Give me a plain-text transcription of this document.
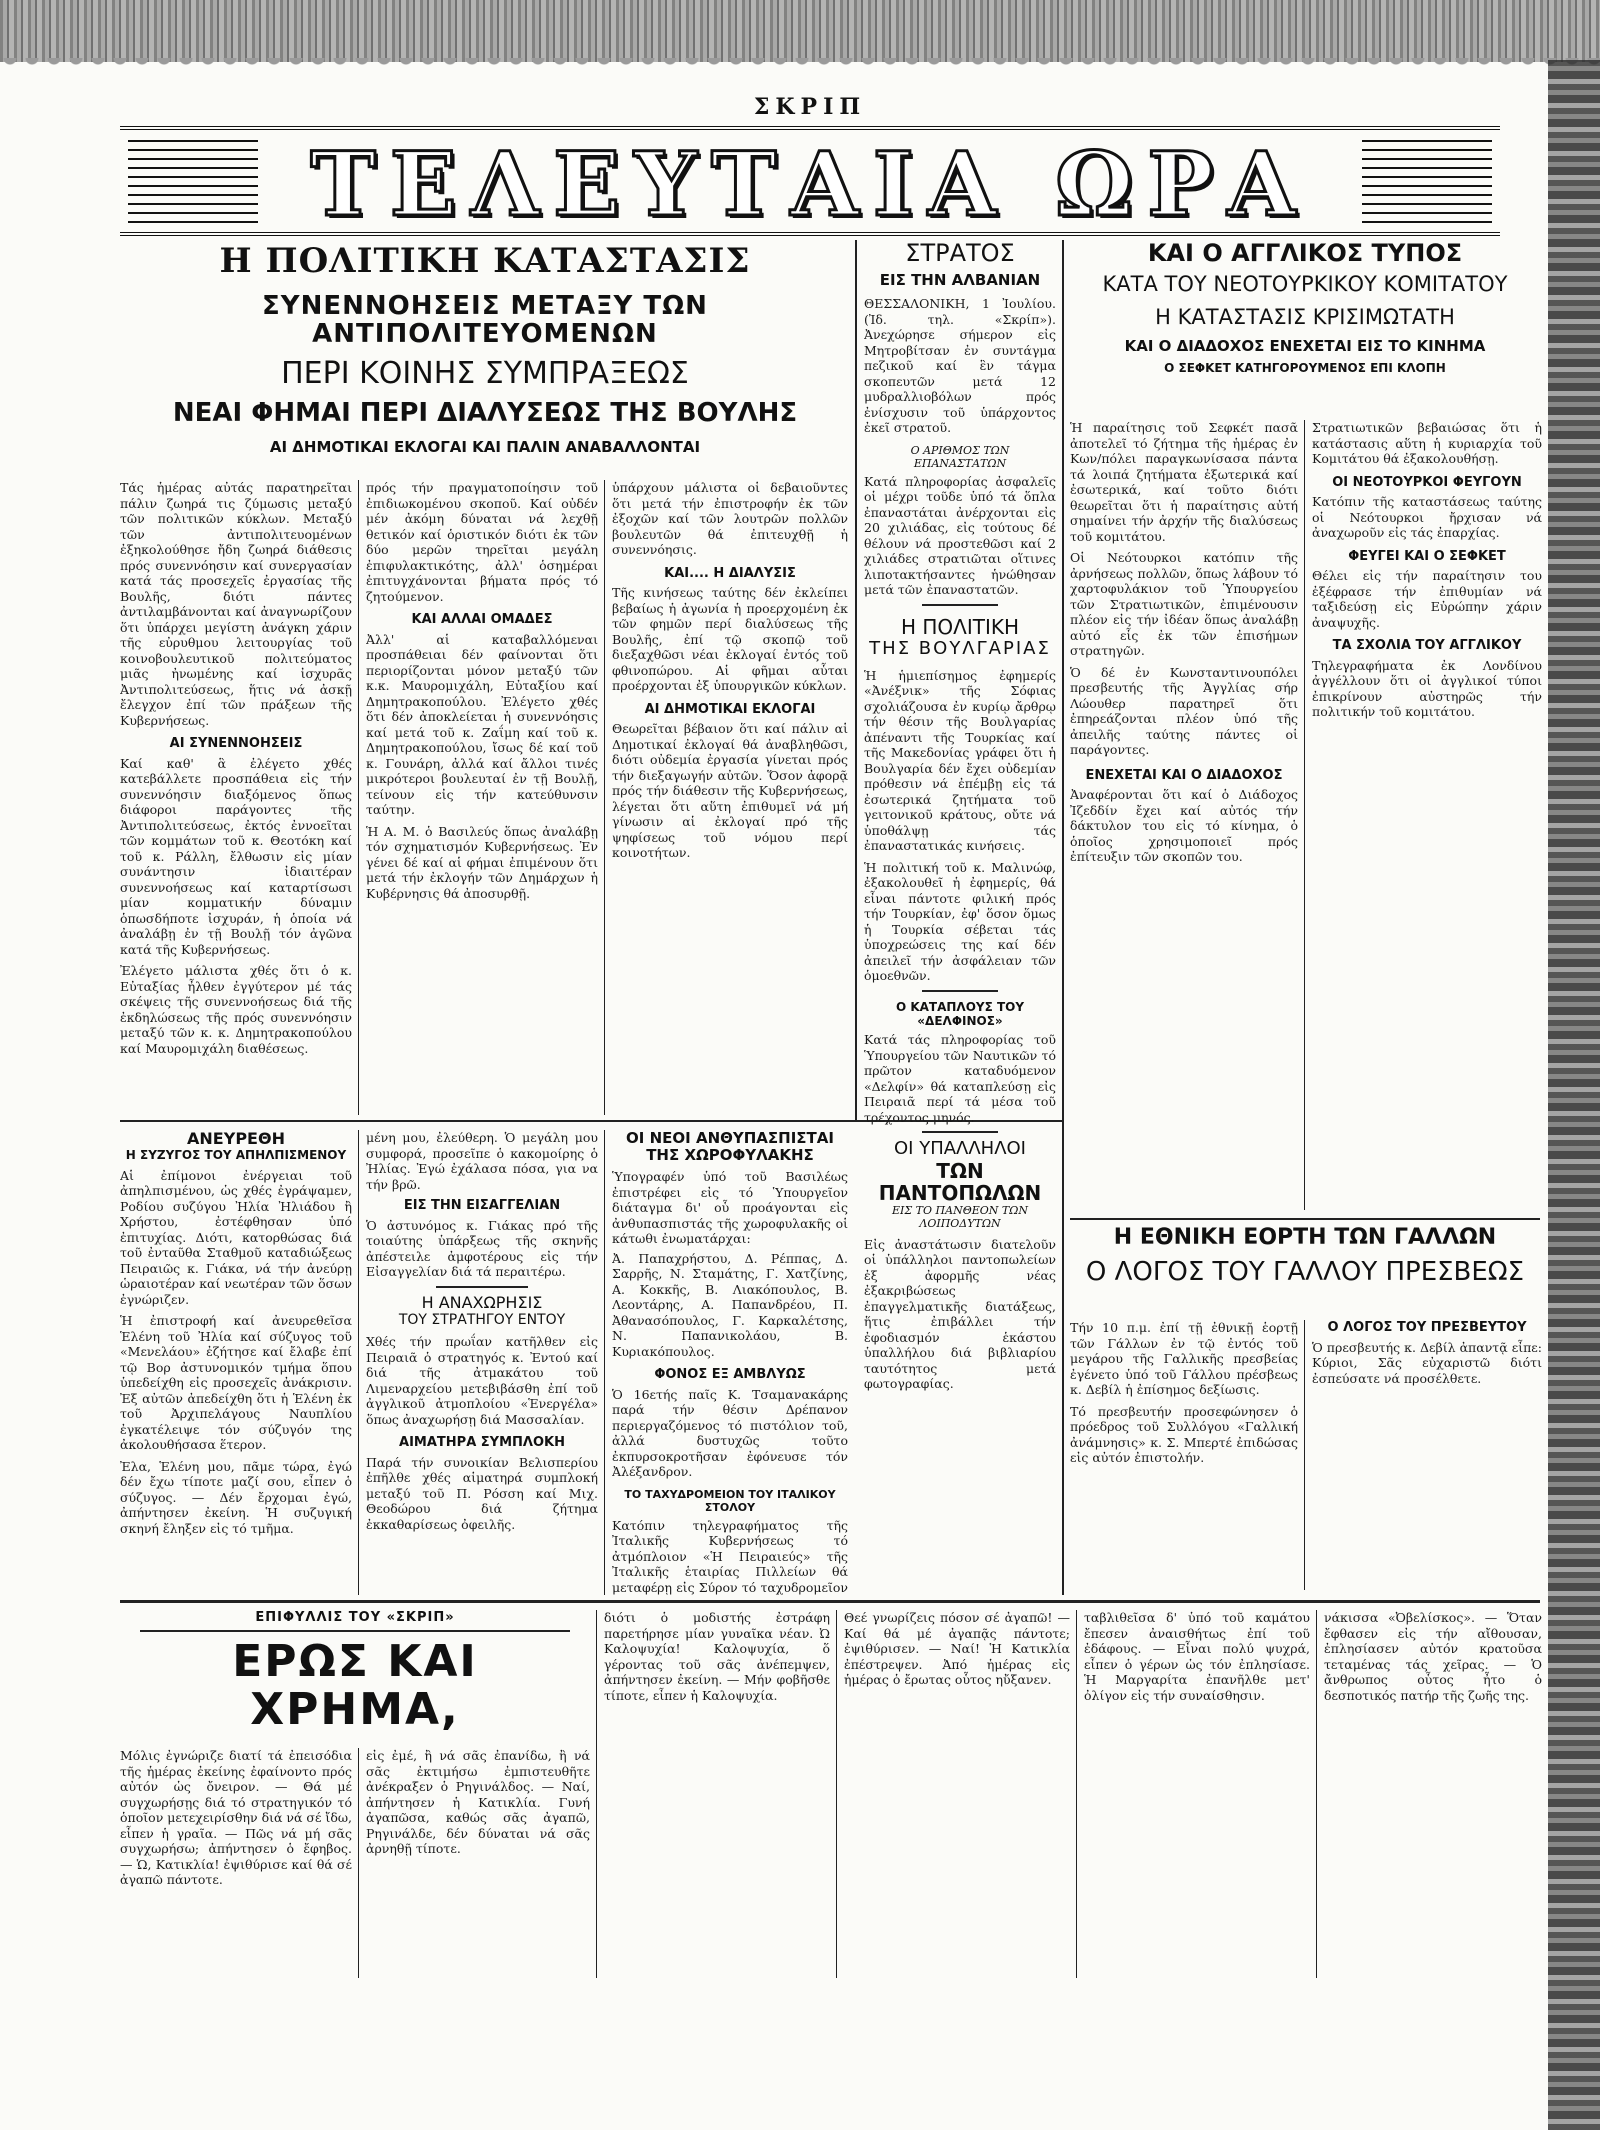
ΣΚΡΙΠ
ΤΕΛΕΥΤΑΙΑ ΩΡΑ
Η ΠΟΛΙΤΙΚΗ ΚΑΤΑΣΤΑΣΙΣ
ΣΥΝΕΝΝΟΗΣΕΙΣ ΜΕΤΑΞΥ ΤΩΝ ΑΝΤΙΠΟΛΙΤΕΥΟΜΕΝΩΝ
ΠΕΡΙ ΚΟΙΝΗΣ ΣΥΜΠΡΑΞΕΩΣ
ΝΕΑΙ ΦΗΜΑΙ ΠΕΡΙ ΔΙΑΛΥΣΕΩΣ ΤΗΣ ΒΟΥΛΗΣ
ΑΙ ΔΗΜΟΤΙΚΑΙ ΕΚΛΟΓΑΙ ΚΑΙ ΠΑΛΙΝ ΑΝΑΒΑΛΛΟΝΤΑΙ

Τάς ἡμέρας αὐτάς παρατηρεῖται πάλιν ζωηρά τις ζύμωσις μεταξύ τῶν πολιτικῶν κύκλων. Μεταξύ τῶν ἀντιπολιτευομένων ἐξηκολούθησε ἤδη ζωηρά διάθεσις πρός συνεννόησιν καί συνεργασίαν κατά τάς προσεχεῖς ἐργασίας τῆς Βουλῆς, διότι πάντες ἀντιλαμβάνονται καί ἀναγνωρίζουν ὅτι ὑπάρχει μεγίστη ἀνάγκη χάριν τῆς εὐρυθμου λειτουργίας τοῦ κοινοβουλευτικοῦ πολιτεύματος μιᾶς ἠνωμένης καί ἰσχυρᾶς Ἀντιπολιτεύσεως, ἥτις νά ἀσκῇ ἔλεγχον ἐπί τῶν πράξεων τῆς Κυβερνήσεως.

ΑΙ ΣΥΝΕΝΝΟΗΣΕΙΣ

Καί καθ' ἃ ἐλέγετο χθές κατεβάλλετε προσπάθεια εἰς τήν συνεννόησιν διαξόμενος ὅπως διάφοροι παράγοντες τῆς Ἀντιπολιτεύσεως, ἐκτός ἐννοεῖται τῶν κομμάτων τοῦ κ. Θεοτόκη καί τοῦ κ. Ράλλη, ἔλθωσιν εἰς μίαν συνάντησιν ἰδιαιτέραν συνεννοήσεως καί καταρτίσωσι μίαν κομματικήν δύναμιν ὁπωσδήποτε ἰσχυράν, ἡ ὁποία νά ἀναλάβῃ ἐν τῇ Βουλῇ τόν ἀγῶνα κατά τῆς Κυβερνήσεως.

Ἐλέγετο μάλιστα χθές ὅτι ὁ κ. Εὐταξίας ἦλθεν ἐγγύτερον μέ τάς σκέψεις τῆς συνεννοήσεως διά τῆς ἐκδηλώσεως τῆς πρός συνεννόησιν μεταξύ τῶν κ. κ. Δημητρακοπούλου καί Μαυρομιχάλη διαθέσεως.

πρός τήν πραγματοποίησιν τοῦ ἐπιδιωκομένου σκοποῦ. Καί οὐδέν μέν ἀκόμη δύναται νά λεχθῇ θετικόν καί ὁριστικόν διότι ἐκ τῶν δύο μερῶν τηρεῖται μεγάλη ἐπιφυλακτικότης, ἀλλ' ὁσημέραι ἐπιτυγχάνονται βήματα πρός τό ζητούμενον.

ΚΑΙ ΑΛΛΑΙ ΟΜΑΔΕΣ

Ἀλλ' αἱ καταβαλλόμεναι προσπάθειαι δέν φαίνονται ὅτι περιορίζονται μόνον μεταξύ τῶν κ.κ. Μαυρομιχάλη, Εὐταξίου καί Δημητρακοπούλου. Ἐλέγετο χθές ὅτι δέν ἀποκλείεται ἡ συνεννόησις καί μετά τοῦ κ. Ζαΐμη καί τοῦ κ. Δημητρακοπούλου, ἴσως δέ καί τοῦ κ. Γουνάρη, ἀλλά καί ἄλλοι τινές μικρότεροι βουλευταί ἐν τῇ Βουλῇ, τείνουν εἰς τήν κατεύθυνσιν ταύτην.

Ἡ Α. Μ. ὁ Βασιλεύς ὅπως ἀναλάβῃ τόν σχηματισμόν Κυβερνήσεως. Ἐν γένει δέ καί αἱ φήμαι ἐπιμένουν ὅτι μετά τήν ἐκλογήν τῶν Δημάρχων ἡ Κυβέρνησις θά ἀποσυρθῇ.

ὑπάρχουν μάλιστα οἱ δεβαιοῦντες ὅτι μετά τήν ἐπιστροφήν ἐκ τῶν ἐξοχῶν καί τῶν λουτρῶν πολλῶν βουλευτῶν θά ἐπιτευχθῇ ἡ συνεννόησις.

ΚΑΙ.... Η ΔΙΑΛΥΣΙΣ

Τῆς κινήσεως ταύτης δέν ἐκλείπει βεβαίως ἡ ἀγωνία ἡ προερχομένη ἐκ τῶν φημῶν περί διαλύσεως τῆς Βουλῆς, ἐπί τῷ σκοπῷ τοῦ διεξαχθῶσι νέαι ἐκλογαί ἐντός τοῦ φθινοπώρου. Αἱ φῆμαι αὗται προέρχονται ἐξ ὑπουργικῶν κύκλων.

ΑΙ ΔΗΜΟΤΙΚΑΙ ΕΚΛΟΓΑΙ

Θεωρεῖται βέβαιον ὅτι καί πάλιν αἱ Δημοτικαί ἐκλογαί θά ἀναβληθῶσι, διότι οὐδεμία ἐργασία γίνεται πρός τήν διεξαγωγήν αὐτῶν. Ὅσον ἀφορᾷ πρός τήν διάθεσιν τῆς Κυβερνήσεως, λέγεται ὅτι αὕτη ἐπιθυμεῖ νά μή γίνωσιν αἱ ἐκλογαί πρό τῆς ψηφίσεως τοῦ νόμου περί κοινοτήτων.

ΣΤΡΑΤΟΣ
ΕΙΣ ΤΗΝ ΑΛΒΑΝΙΑΝ

ΘΕΣΣΑΛΟΝΙΚΗ, 1 Ἰουλίου. (Ἰδ. τηλ. «Σκρίπ»). Ἀνεχώρησε σήμερον εἰς Μητροβίτσαν ἐν συντάγμα πεζικοῦ καί ἓν τάγμα σκοπευτῶν μετά 12 μυδραλλιοβόλων πρός ἐνίσχυσιν τοῦ ὑπάρχοντος ἐκεῖ στρατοῦ.

Ο ΑΡΙΘΜΟΣ ΤΩΝ ΕΠΑΝΑΣΤΑΤΩΝ

Κατά πληροφορίας ἀσφαλεῖς οἱ μέχρι τοῦδε ὑπό τά ὅπλα ἐπαναστάται ἀνέρχονται εἰς 20 χιλιάδας, εἰς τούτους δέ θέλουν νά προστεθῶσι καί 2 χιλιάδες στρατιῶται οἵτινες λιποτακτήσαντες ἡνώθησαν μετά τῶν ἐπαναστατῶν.

Η ΠΟΛΙΤΙΚΗ
ΤΗΣ ΒΟΥΛΓΑΡΙΑΣ

Ἡ ἡμιεπίσημος ἐφημερίς «Ἀνέξνικ» τῆς Σόφιας σχολιάζουσα ἐν κυρίῳ ἄρθρῳ τήν θέσιν τῆς Βουλγαρίας ἀπέναντι τῆς Τουρκίας καί τῆς Μακεδονίας γράφει ὅτι ἡ Βουλγαρία δέν ἔχει οὐδεμίαν πρόθεσιν νά ἐπέμβῃ εἰς τά ἐσωτερικά ζητήματα τοῦ γειτονικοῦ κράτους, οὔτε νά ὑποθάλψῃ τάς ἐπαναστατικάς κινήσεις.

Ἡ πολιτική τοῦ κ. Μαλινώφ, ἐξακολουθεῖ ἡ ἐφημερίς, θά εἶναι πάντοτε φιλική πρός τήν Τουρκίαν, ἐφ' ὅσον ὅμως ἡ Τουρκία σέβεται τάς ὑποχρεώσεις της καί δέν ἀπειλεῖ τήν ἀσφάλειαν τῶν ὁμοεθνῶν.

Ο ΚΑΤΑΠΛΟΥΣ ΤΟΥ «ΔΕΛΦΙΝΟΣ»

Κατά τάς πληροφορίας τοῦ Ὑπουργείου τῶν Ναυτικῶν τό πρῶτον καταδυόμενον «Δελφίν» θά καταπλεύσῃ εἰς Πειραιᾶ περί τά μέσα τοῦ τρέχοντος μηνός.

ΟΙ ΥΠΑΛΛΗΛΟΙ
ΤΩΝ ΠΑΝΤΟΠΩΛΩΝ
ΕΙΣ ΤΟ ΠΑΝΘΕΟΝ ΤΩΝ ΛΟΙΠΟΔΥΤΩΝ

Εἰς ἀναστάτωσιν διατελοῦν οἱ ὑπάλληλοι παντοπωλείων ἐξ ἀφορμῆς νέας ἐξακριβώσεως ἐπαγγελματικῆς διατάξεως, ἥτις ἐπιβάλλει τήν ἐφοδιασμόν ἑκάστου ὑπαλλήλου διά βιβλιαρίου ταυτότητος μετά φωτογραφίας.

ΚΑΙ Ο ΑΓΓΛΙΚΟΣ ΤΥΠΟΣ
ΚΑΤΑ ΤΟΥ ΝΕΟΤΟΥΡΚΙΚΟΥ ΚΟΜΙΤΑΤΟΥ
Η ΚΑΤΑΣΤΑΣΙΣ ΚΡΙΣΙΜΩΤΑΤΗ
ΚΑΙ Ο ΔΙΑΔΟΧΟΣ ΕΝΕΧΕΤΑΙ ΕΙΣ ΤΟ ΚΙΝΗΜΑ
Ο ΣΕΦΚΕΤ ΚΑΤΗΓΟΡΟΥΜΕΝΟΣ ΕΠΙ ΚΛΟΠΗ

Ἡ παραίτησις τοῦ Σεφκέτ πασᾶ ἀποτελεῖ τό ζήτημα τῆς ἡμέρας ἐν Κων/πόλει παραγκωνίσασα πάντα τά λοιπά ζητήματα ἐξωτερικά καί ἐσωτερικά, καί τοῦτο διότι θεωρεῖται ὅτι ἡ παραίτησις αὐτή σημαίνει τήν ἀρχήν τῆς διαλύσεως τοῦ κομιτάτου.

Οἱ Νεότουρκοι κατόπιν τῆς ἀρνήσεως πολλῶν, ὅπως λάβουν τό χαρτοφυλάκιον τοῦ Ὑπουργείου τῶν Στρατιωτικῶν, ἐπιμένουσιν πλέον εἰς τήν ἰδέαν ὅπως ἀναλάβῃ αὐτό εἷς ἐκ τῶν ἐπισήμων στρατηγῶν.

Ὁ δέ ἐν Κωνσταντινουπόλει πρεσβευτής τῆς Ἀγγλίας σήρ Λώουθερ παρατηρεῖ ὅτι ἐπηρεάζονται πλέον ὑπό τῆς ἀπειλῆς ταύτης πάντες οἱ παράγοντες.

ΕΝΕΧΕΤΑΙ ΚΑΙ Ο ΔΙΑΔΟΧΟΣ

Ἀναφέρονται ὅτι καί ὁ Διάδοχος Ἰζεδδίν ἔχει καί αὐτός τήν δάκτυλον του εἰς τό κίνημα, ὁ ὁποῖος χρησιμοποιεῖ πρός ἐπίτευξιν τῶν σκοπῶν του.

Στρατιωτικῶν βεβαιώσας ὅτι ἡ κατάστασις αὕτη ἡ κυριαρχία τοῦ Κομιτάτου θά ἐξακολουθήσῃ.

ΟΙ ΝΕΟΤΟΥΡΚΟΙ ΦΕΥΓΟΥΝ

Κατόπιν τῆς καταστάσεως ταύτης οἱ Νεότουρκοι ἤρχισαν νά ἀναχωροῦν εἰς τάς ἐπαρχίας.

ΦΕΥΓΕΙ ΚΑΙ Ο ΣΕΦΚΕΤ

Θέλει εἰς τήν παραίτησιν του ἐξέφρασε τήν ἐπιθυμίαν νά ταξιδεύσῃ εἰς Εὐρώπην χάριν ἀναψυχῆς.

ΤΑ ΣΧΟΛΙΑ ΤΟΥ ΑΓΓΛΙΚΟΥ

Τηλεγραφήματα ἐκ Λονδίνου ἀγγέλλουν ὅτι οἱ ἀγγλικοί τύποι ἐπικρίνουν αὐστηρῶς τήν πολιτικήν τοῦ κομιτάτου.

Η ΕΘΝΙΚΗ ΕΟΡΤΗ ΤΩΝ ΓΑΛΛΩΝ
Ο ΛΟΓΟΣ ΤΟΥ ΓΑΛΛΟΥ ΠΡΕΣΒΕΩΣ

Τήν 10 π.μ. ἐπί τῇ ἐθνικῇ ἑορτῇ τῶν Γάλλων ἐν τῷ ἐντός τοῦ μεγάρου τῆς Γαλλικῆς πρεσβείας ἐγένετο ὑπό τοῦ Γάλλου πρέσβεως κ. Δεβίλ ἡ ἐπίσημος δεξίωσις.

Τό πρεσβευτήν προσεφώνησεν ὁ πρόεδρος τοῦ Συλλόγου «Γαλλική ἀνάμνησις» κ. Σ. Μπερτέ ἐπιδώσας εἰς αὐτόν ἐπιστολήν.

Ο ΛΟΓΟΣ ΤΟΥ ΠΡΕΣΒΕΥΤΟΥ

Ὁ πρεσβευτής κ. Δεβίλ ἀπαντᾷ εἶπε: Κύριοι, Σᾶς εὐχαριστῶ διότι ἐσπεύσατε νά προσέλθετε.

ΑΝΕΥΡΕΘΗ
Η ΣΥΖΥΓΟΣ ΤΟΥ ΑΠΗΛΠΙΣΜΕΝΟΥ

Αἱ ἐπίμονοι ἐνέργειαι τοῦ ἀπηλπισμένου, ὡς χθές ἐγράψαμεν, Ροδίου συζύγου Ἠλία Ἠλιάδου ἢ Χρήστου, ἐστέφθησαν ὑπό ἐπιτυχίας. Διότι, κατορθώσας διά τοῦ ἐνταῦθα Σταθμοῦ καταδιώξεως Πειραιῶς κ. Γιάκα, νά τήν ἀνεύρῃ ὡραιοτέραν καί νεωτέραν τῶν ὅσων ἐγνώριζεν.

Ἡ ἐπιστροφή καί ἀνευρεθεῖσα Ἑλένη τοῦ Ἠλία καί σύζυγος τοῦ «Μενελάου» ἐζήτησε καί ἔλαβε ἐπί τῷ Βορ ἀστυνομικόν τμήμα ὅπου ὑπεδείχθη εἰς προσεχεῖς ἀνάκρισιν. Ἐξ αὐτῶν ἀπεδείχθη ὅτι ἡ Ἑλένη ἐκ τοῦ Ἀρχιπελάγους Ναυπλίου ἐγκατέλειψε τόν σύζυγόν της ἀκολουθήσασα ἕτερον.

Ἐλα, Ἑλένη μου, πᾶμε τώρα, ἐγώ δέν ἔχω τίποτε μαζί σου, εἶπεν ὁ σύζυγος. — Δέν ἔρχομαι ἐγώ, ἀπήντησεν ἐκείνη. Ἡ συζυγική σκηνή ἔληξεν εἰς τό τμῆμα.

μένη μου, ἐλεύθερη. Ὁ μεγάλη μου συμφορά, προσεῖπε ὁ κακομοίρης ὁ Ἠλίας. Ἐγώ ἐχάλασα πόσα, για να τήν βρῶ.

ΕΙΣ ΤΗΝ ΕΙΣΑΓΓΕΛΙΑΝ

Ὁ ἀστυνόμος κ. Γιάκας πρό τῆς τοιαύτης ὑπάρξεως τῆς σκηνῆς ἀπέστειλε ἀμφοτέρους εἰς τήν Εἰσαγγελίαν διά τά περαιτέρω.

Η ΑΝΑΧΩΡΗΣΙΣ
ΤΟΥ ΣΤΡΑΤΗΓΟΥ ΕΝΤΟΥ

Χθές τήν πρωΐαν κατῆλθεν εἰς Πειραιᾶ ὁ στρατηγός κ. Ἐντού καί διά τῆς ἀτμακάτου τοῦ Λιμεναρχείου μετεβιβάσθη ἐπί τοῦ ἀγγλικοῦ ἀτμοπλοίου «Ἑνεργέλα» ὅπως ἀναχωρήσῃ διά Μασσαλίαν.

ΑΙΜΑΤΗΡΑ ΣΥΜΠΛΟΚΗ

Παρά τήν συνοικίαν Βελισπερίου ἐπῆλθε χθές αἱματηρά συμπλοκή μεταξύ τοῦ Π. Ρόσση καί Μιχ. Θεοδώρου διά ζήτημα ἐκκαθαρίσεως ὀφειλῆς.

ΟΙ ΝΕΟΙ ΑΝΘΥΠΑΣΠΙΣΤΑΙ
ΤΗΣ ΧΩΡΟΦΥΛΑΚΗΣ

Ὑπογραφέν ὑπό τοῦ Βασιλέως ἐπιστρέφει εἰς τό Ὑπουργεῖον διάταγμα δι' οὗ προάγονται εἰς ἀνθυπασπιστάς τῆς χωροφυλακῆς οἱ κάτωθι ἐνωματάρχαι:

Ἀ. Παπαχρήστου, Δ. Ρέππας, Δ. Σαρρῆς, Ν. Σταμάτης, Γ. Χατζίνης, Α. Κοκκῆς, Β. Λιακόπουλος, Β. Λεοντάρης, Α. Παπανδρέου, Π. Ἀθανασόπουλος, Γ. Καρκαλέτσης, Ν. Παπανικολάου, Β. Κυριακόπουλος.

ΦΟΝΟΣ ΕΞ ΑΜΒΛΥΩΣ

Ὁ 16ετής παῖς Κ. Τσαμανακάρης παρά τήν θέσιν Δρέπανον περιεργαζόμενος τό πιστόλιον τοῦ, ἀλλά δυστυχῶς τοῦτο ἐκπυρσοκροτῆσαν ἐφόνευσε τόν Ἀλέξανδρον.

ΤΟ ΤΑΧΥΔΡΟΜΕΙΟΝ ΤΟΥ ΙΤΑΛΙΚΟΥ ΣΤΟΛΟΥ

Κατόπιν τηλεγραφήματος τῆς Ἰταλικῆς Κυβερνήσεως τό ἀτμόπλοιον «Ἡ Πειραιεύς» τῆς Ἰταλικῆς ἑταιρίας Πιλλείων θά μεταφέρῃ εἰς Σύρον τό ταχυδρομεῖον

ΕΠΙΦΥΛΛΙΣ ΤΟΥ «ΣΚΡΙΠ»
ΕΡΩΣ ΚΑΙ ΧΡΗΜΑ,

Μόλις ἐγνώριζε διατί τά ἐπεισόδια τῆς ἡμέρας ἐκείνης ἐφαίνοντο πρός αὐτόν ὡς ὄνειρον. — Θά μέ συγχωρήσῃς διά τό στρατηγικόν τό ὁποῖον μετεχειρίσθην διά νά σέ ἴδω, εἶπεν ἡ γραῖα. — Πῶς νά μή σᾶς συγχωρήσω; ἀπήντησεν ὁ ἔφηβος. — Ὡ, Κατικλία! ἐψιθύρισε καί θά σέ ἀγαπῶ πάντοτε.

εἰς ἐμέ, ἢ νά σᾶς ἐπανίδω, ἢ νά σᾶς ἐκτιμήσω ἐμπιστευθῆτε ἀνέκραξεν ὁ Ρηγινάλδος. — Ναί, ἀπήντησεν ἡ Κατικλία. Γυνή ἀγαπῶσα, καθώς σᾶς ἀγαπῶ, Ρηγινάλδε, δέν δύναται νά σᾶς ἀρνηθῇ τίποτε.

διότι ὁ μοδιστής ἐστράφη παρετήρησε μίαν γυναῖκα νέαν. Ὠ Καλοψυχία! Καλοψυχία, ὅ γέροντας τοῦ σᾶς ἀνέπεμψεν, ἀπήντησεν ἐκείνη. — Μήν φοβῆσθε τίποτε, εἶπεν ἡ Καλοψυχία.

Θεέ γνωρίζεις πόσον σέ ἀγαπῶ! — Καί θά μέ ἀγαπᾷς πάντοτε; ἐψιθύρισεν. — Ναί! Ἡ Κατικλία ἐπέστρεψεν. Ἀπό ἡμέρας εἰς ἡμέρας ὁ ἔρωτας οὗτος ηὔξανεν.

ταβλιθεῖσα δ' ὑπό τοῦ καμάτου ἔπεσεν ἀναισθήτως ἐπί τοῦ ἐδάφους. — Εἶναι πολύ ψυχρά, εἶπεν ὁ γέρων ὡς τόν ἐπλησίασε. Ἡ Μαργαρίτα ἐπανῆλθε μετ' ὀλίγον εἰς τήν συναίσθησιν.

νάκισσα «Ὀβελίσκος». — Ὅταν ἔφθασεν εἰς τήν αἴθουσαν, ἐπλησίασεν αὐτόν κρατοῦσα τεταμένας τάς χεῖρας. — Ὁ ἄνθρωπος οὗτος ἦτο ὁ δεσποτικός πατήρ τῆς ζωῆς της.
